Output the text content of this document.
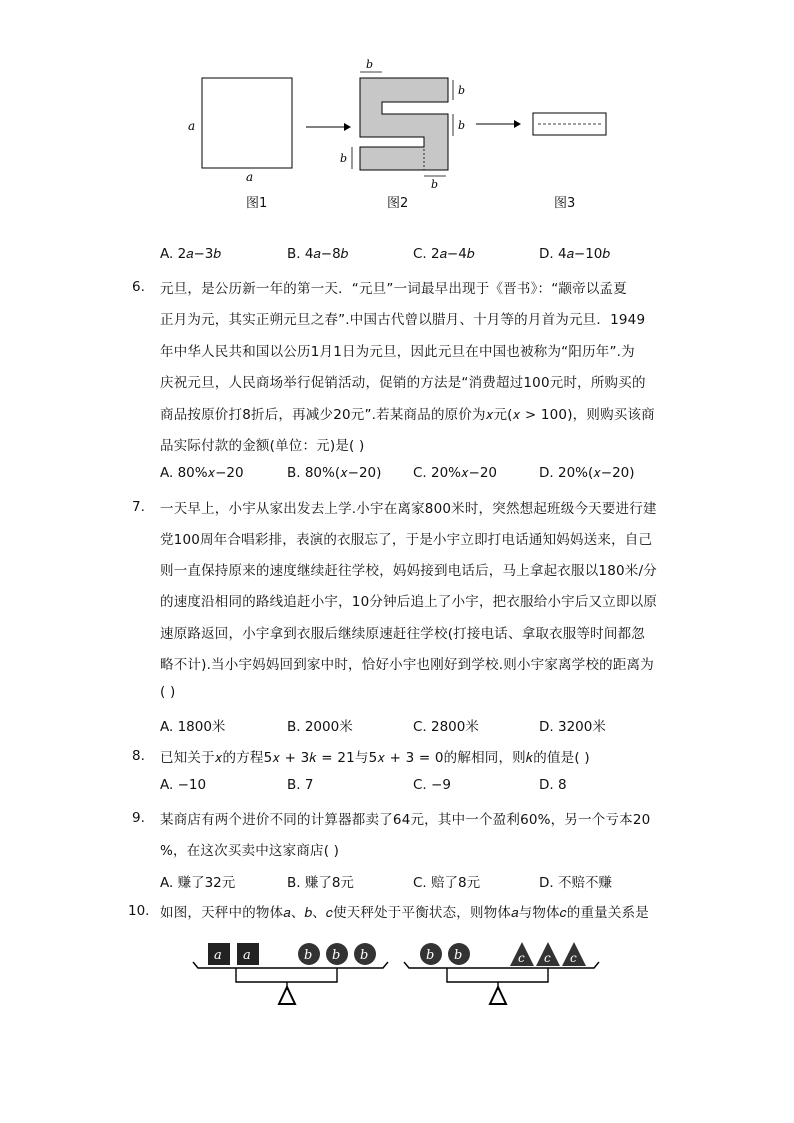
a
a
b
b
b
b
b
图1	图2	图3
A. 2𝑎−3𝑏	B. 4𝑎−8𝑏	C. 2𝑎−4𝑏	D. 4𝑎−10𝑏
6. 元旦，是公历新一年的第一天．“元旦”一词最早出现于《晋书》：“颛帝以孟夏
正月为元，其实正朔元旦之春”.中国古代曾以腊月、十月等的月首为元旦．1949
年中华人民共和国以公历1月1日为元旦，因此元旦在中国也被称为“阳历年”.为
庆祝元旦，人民商场举行促销活动，促销的方法是“消费超过100元时，所购买的
商品按原价打8折后，再减少20元”.若某商品的原价为𝑥元(𝑥 > 100)，则购买该商
品实际付款的金额(单位：元)是( )
A. 80%𝑥−20	B. 80%(𝑥−20) C. 20%𝑥−20	D. 20%(𝑥−20)
7. 一天早上，小宇从家出发去上学.小宇在离家800米时，突然想起班级今天要进行建
党100周年合唱彩排，表演的衣服忘了，于是小宇立即打电话通知妈妈送来，自己
则一直保持原来的速度继续赶往学校，妈妈接到电话后，马上拿起衣服以180米/分
的速度沿相同的路线追赶小宇，10分钟后追上了小宇，把衣服给小宇后又立即以原
速原路返回，小宇拿到衣服后继续原速赶往学校(打接电话、拿取衣服等时间都忽
略不计).当小宇妈妈回到家中时，恰好小宇也刚好到学校.则小宇家离学校的距离为
( )
A. 1800米	B. 2000米	C. 2800米	D. 3200米
8. 已知关于𝑥的方程5𝑥 + 3𝑘 = 21与5𝑥 + 3 = 0的解相同，则𝑘的值是( )
A. −10	B. 7	C. −9	D. 8
9. 某商店有两个进价不同的计算器都卖了64元，其中一个盈利60%，另一个亏本20
%，在这次买卖中这家商店( )
A. 赚了32元	B. 赚了8元	C. 赔了8元	D. 不赔不赚
10. 如图，天秤中的物体𝑎、𝑏、𝑐使天秤处于平衡状态，则物体𝑎与物体𝑐的重量关系是
a a	b b b	b b	c c c
